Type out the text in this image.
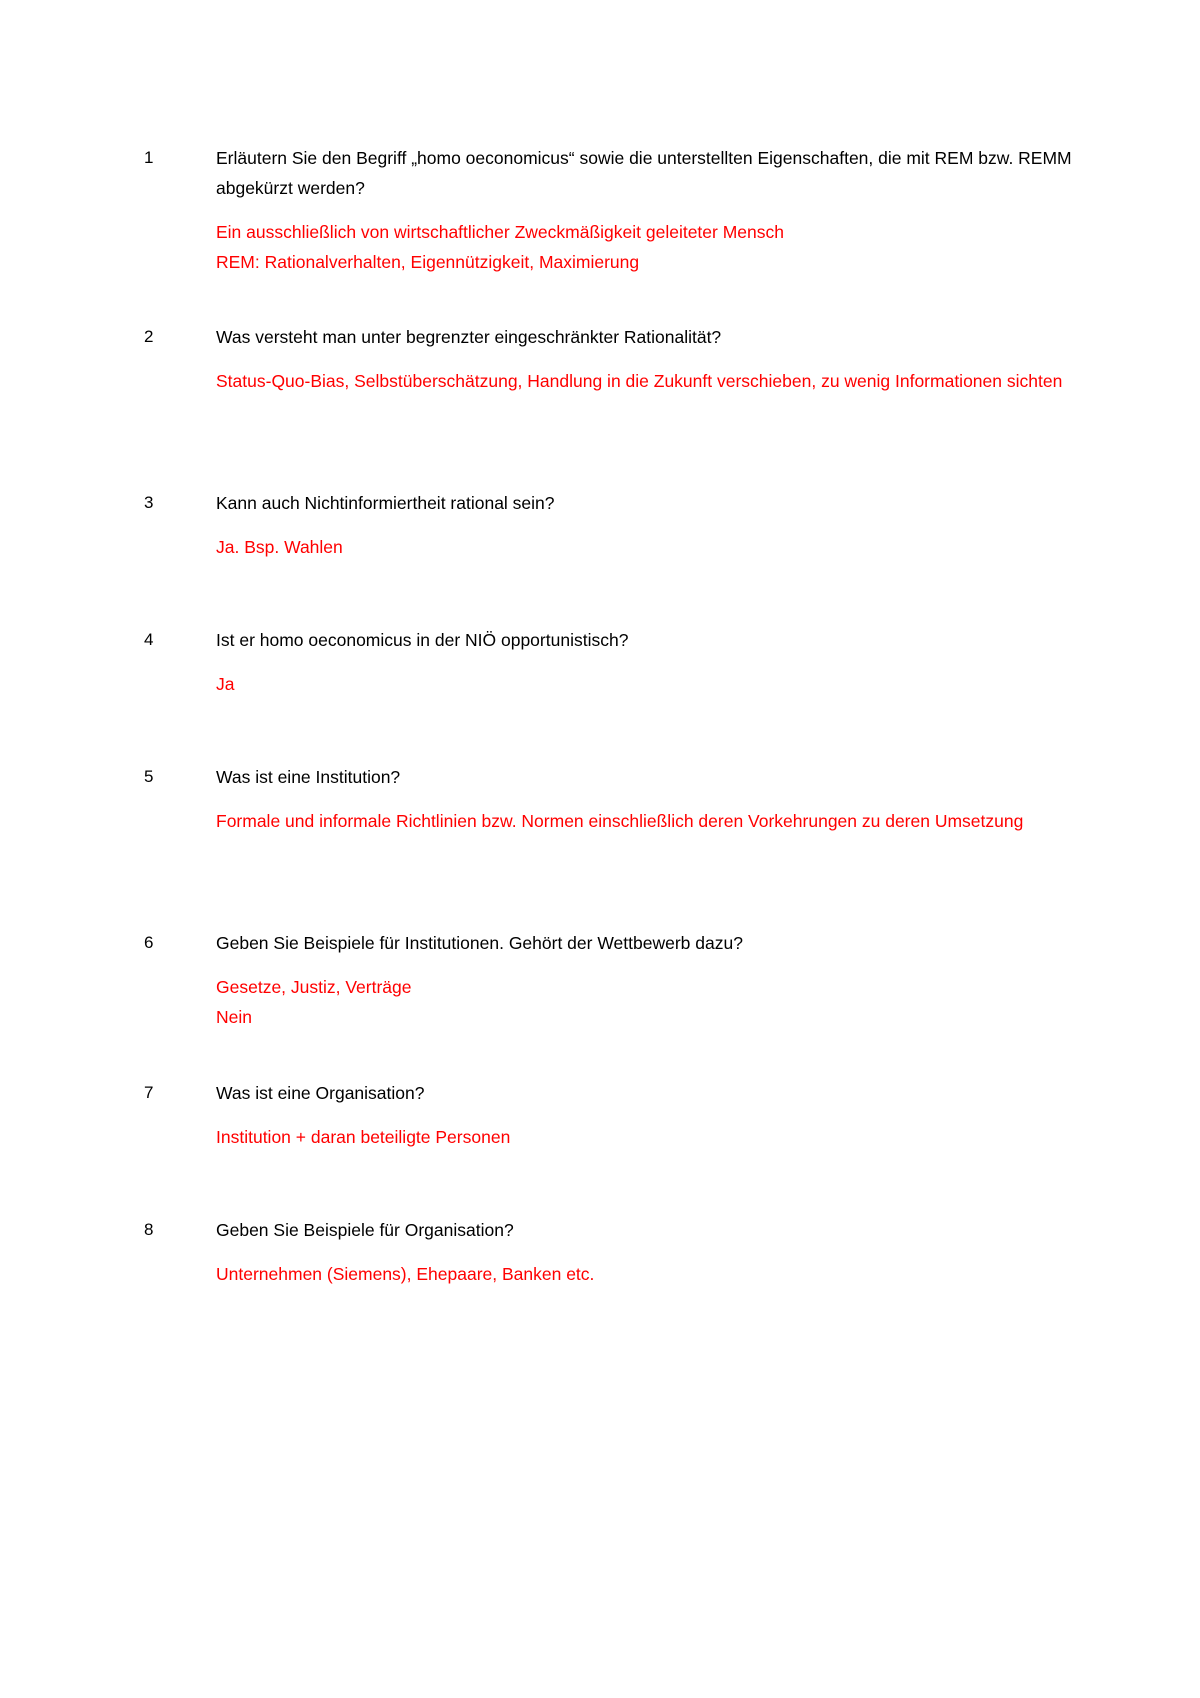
1	Erläutern Sie den Begriff „homo oeconomicus“ sowie die unterstellten Eigenschaften, die mit REM bzw. REMM abgekürzt werden?

Ein ausschließlich von wirtschaftlicher Zweckmäßigkeit geleiteter Mensch
REM: Rationalverhalten, Eigennützigkeit, Maximierung
2	Was versteht man unter begrenzter eingeschränkter Rationalität?

Status-Quo-Bias, Selbstüberschätzung, Handlung in die Zukunft verschieben, zu wenig Informationen sichten
3	Kann auch Nichtinformiertheit rational sein?

Ja. Bsp. Wahlen
4	Ist er homo oeconomicus in der NIÖ opportunistisch?

Ja
5	Was ist eine Institution?

Formale und informale Richtlinien bzw. Normen einschließlich deren Vorkehrungen zu deren Umsetzung
6	Geben Sie Beispiele für Institutionen. Gehört der Wettbewerb dazu?

Gesetze, Justiz, Verträge
Nein
7	Was ist eine Organisation?

Institution + daran beteiligte Personen
8	Geben Sie Beispiele für Organisation?

Unternehmen (Siemens), Ehepaare, Banken etc.
